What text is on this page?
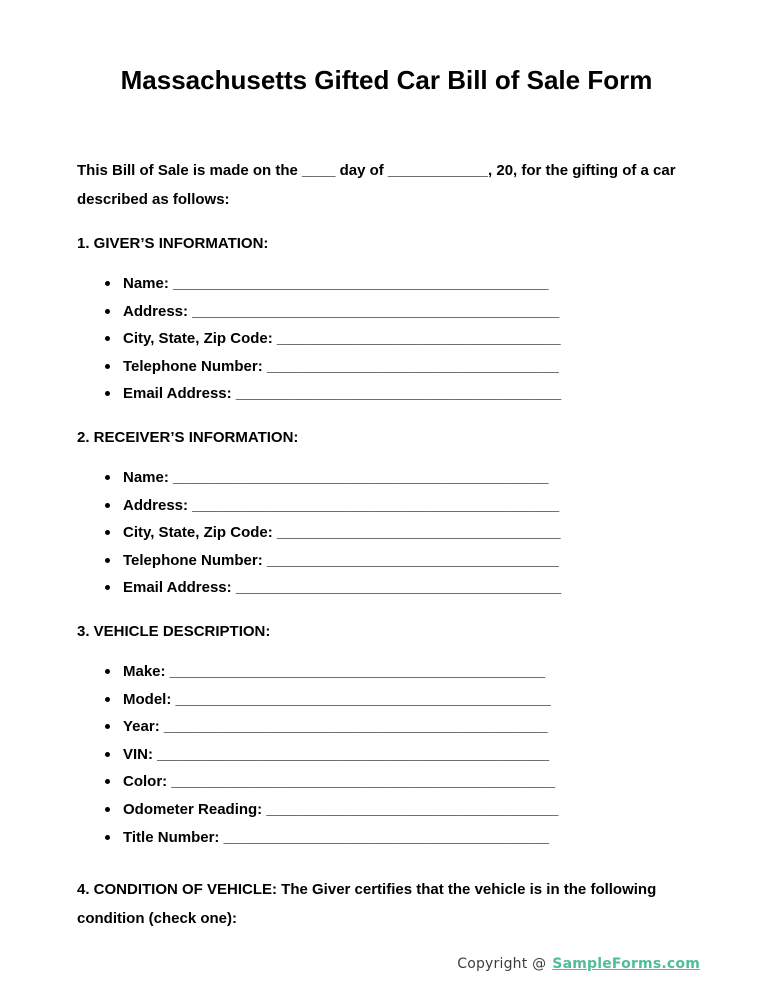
Massachusetts Gifted Car Bill of Sale Form

This Bill of Sale is made on the ____ day of ____________, 20, for the gifting of a car described as follows:

1. GIVER’S INFORMATION:
Name: _____________________________________________
Address: ____________________________________________
City, State, Zip Code: __________________________________
Telephone Number: ___________________________________
Email Address: _______________________________________
2. RECEIVER’S INFORMATION:
Name: _____________________________________________
Address: ____________________________________________
City, State, Zip Code: __________________________________
Telephone Number: ___________________________________
Email Address: _______________________________________
3. VEHICLE DESCRIPTION:
Make: _____________________________________________
Model: _____________________________________________
Year: ______________________________________________
VIN: _______________________________________________
Color: ______________________________________________
Odometer Reading: ___________________________________
Title Number: _______________________________________

4. CONDITION OF VEHICLE: The Giver certifies that the vehicle is in the following condition (check one):

Copyright @ SampleForms.com
